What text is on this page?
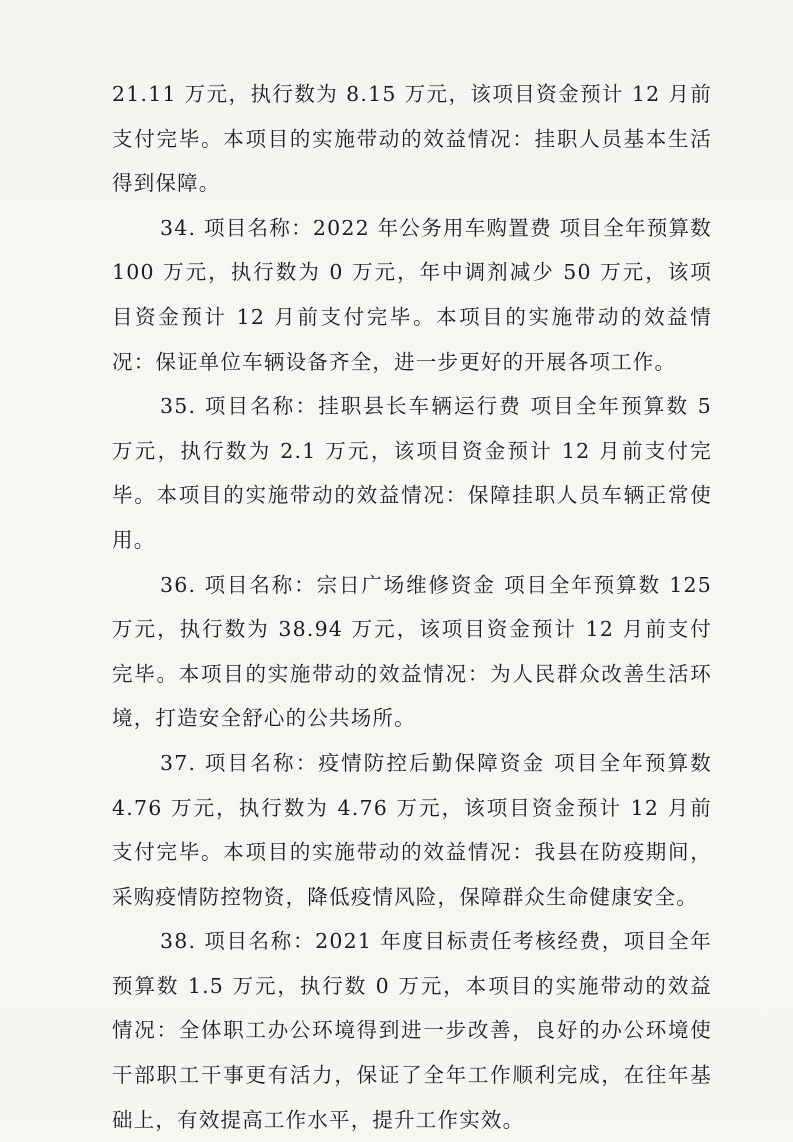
21.11 万元，执行数为 8.15 万元，该项目资金预计 12 月前支付完毕。本项目的实施带动的效益情况：挂职人员基本生活得到保障。

34. 项目名称：2022 年公务用车购置费 项目全年预算数 100 万元，执行数为 0 万元，年中调剂减少 50 万元，该项目资金预计 12 月前支付完毕。本项目的实施带动的效益情况：保证单位车辆设备齐全，进一步更好的开展各项工作。

35. 项目名称：挂职县长车辆运行费 项目全年预算数 5 万元，执行数为 2.1 万元，该项目资金预计 12 月前支付完毕。本项目的实施带动的效益情况：保障挂职人员车辆正常使用。

36. 项目名称：宗日广场维修资金 项目全年预算数 125 万元，执行数为 38.94 万元，该项目资金预计 12 月前支付完毕。本项目的实施带动的效益情况：为人民群众改善生活环境，打造安全舒心的公共场所。

37. 项目名称：疫情防控后勤保障资金 项目全年预算数 4.76 万元，执行数为 4.76 万元，该项目资金预计 12 月前支付完毕。本项目的实施带动的效益情况：我县在防疫期间，采购疫情防控物资，降低疫情风险，保障群众生命健康安全。

38. 项目名称：2021 年度目标责任考核经费，项目全年预算数 1.5 万元，执行数 0 万元，本项目的实施带动的效益情况：全体职工办公环境得到进一步改善，良好的办公环境使干部职工干事更有活力，保证了全年工作顺利完成，在往年基础上，有效提高工作水平，提升工作实效。
